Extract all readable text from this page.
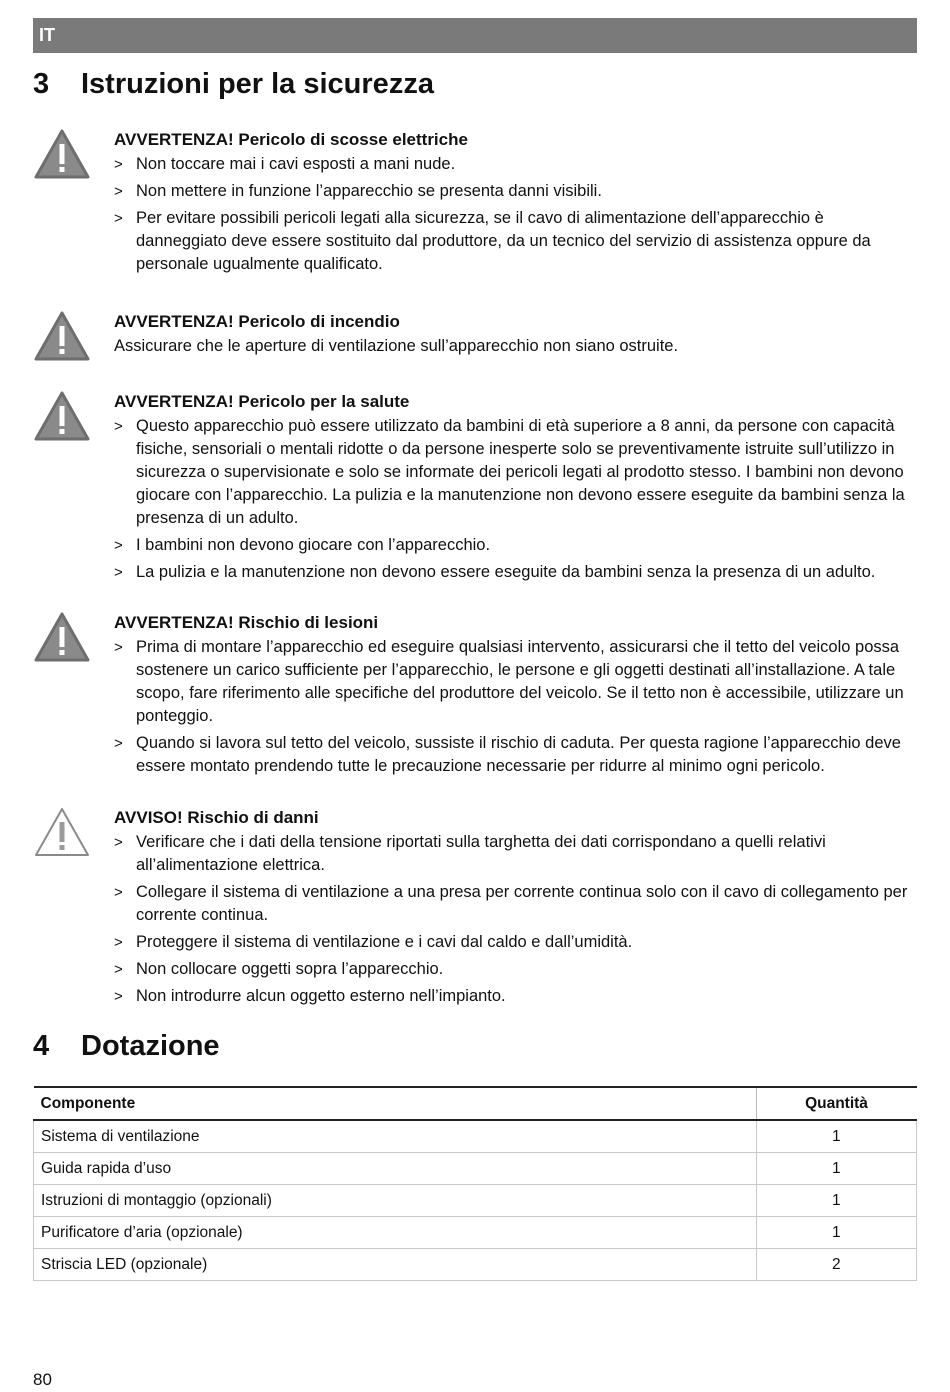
IT
3	Istruzioni per la sicurezza
AVVERTENZA! Pericolo di scosse elettriche
> Non toccare mai i cavi esposti a mani nude.
> Non mettere in funzione l’apparecchio se presenta danni visibili.
> Per evitare possibili pericoli legati alla sicurezza, se il cavo di alimentazione dell’apparecchio è danneggiato deve essere sostituito dal produttore, da un tecnico del servizio di assistenza oppure da personale ugualmente qualificato.
AVVERTENZA! Pericolo di incendio
Assicurare che le aperture di ventilazione sull’apparecchio non siano ostruite.
AVVERTENZA! Pericolo per la salute
> Questo apparecchio può essere utilizzato da bambini di età superiore a 8 anni, da persone con capacità fisiche, sensoriali o mentali ridotte o da persone inesperte solo se preventivamente istruite sull’utilizzo in sicurezza o supervisionate e solo se informate dei pericoli legati al prodotto stesso. I bambini non devono giocare con l’apparecchio. La pulizia e la manutenzione non devono essere eseguite da bambini senza la presenza di un adulto.
> I bambini non devono giocare con l’apparecchio.
> La pulizia e la manutenzione non devono essere eseguite da bambini senza la presenza di un adulto.
AVVERTENZA! Rischio di lesioni
> Prima di montare l’apparecchio ed eseguire qualsiasi intervento, assicurarsi che il tetto del veicolo possa sostenere un carico sufficiente per l’apparecchio, le persone e gli oggetti destinati all’installazione. A tale scopo, fare riferimento alle specifiche del produttore del veicolo. Se il tetto non è accessibile, utilizzare un ponteggio.
> Quando si lavora sul tetto del veicolo, sussiste il rischio di caduta. Per questa ragione l’apparecchio deve essere montato prendendo tutte le precauzione necessarie per ridurre al minimo ogni pericolo.
AVVISO! Rischio di danni
> Verificare che i dati della tensione riportati sulla targhetta dei dati corrispondano a quelli relativi all’alimentazione elettrica.
> Collegare il sistema di ventilazione a una presa per corrente continua solo con il cavo di collegamento per corrente continua.
> Proteggere il sistema di ventilazione e i cavi dal caldo e dall’umidità.
> Non collocare oggetti sopra l’apparecchio.
> Non introdurre alcun oggetto esterno nell’impianto.
4	Dotazione
Componente	Quantità
Sistema di ventilazione	1
Guida rapida d’uso	1
Istruzioni di montaggio (opzionali)	1
Purificatore d’aria (opzionale)	1
Striscia LED (opzionale)	2
80
